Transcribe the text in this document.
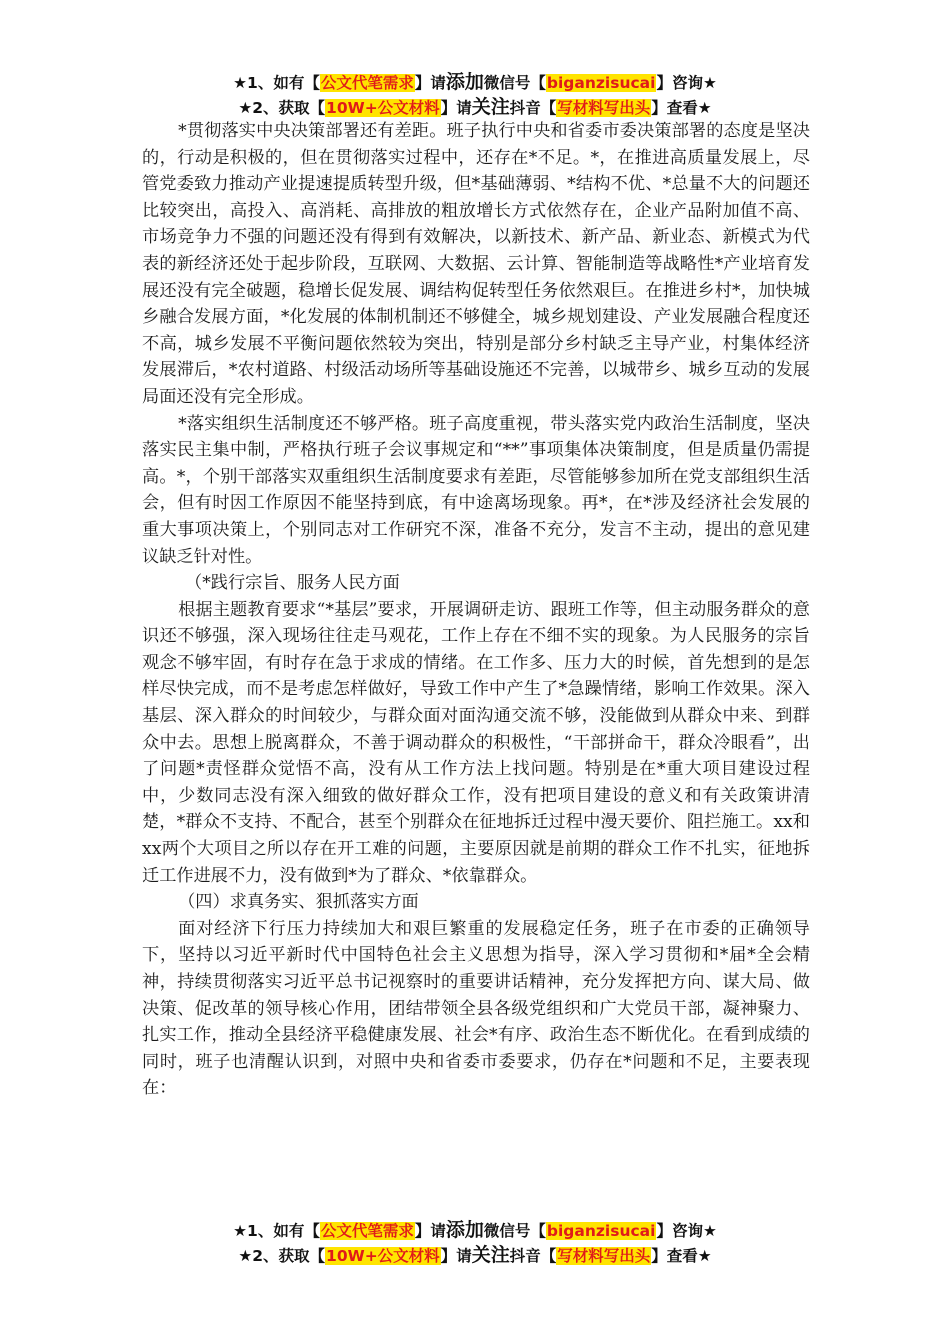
★1、如有【公文代笔需求】请添加微信号【biganzisucai】咨询★
★2、获取【10W+公文材料】请关注抖音【写材料写出头】查看★

*贯彻落实中央决策部署还有差距。班子执行中央和省委市委决策部署的态度是坚决的，行动是积极的，但在贯彻落实过程中，还存在*不足。*，在推进高质量发展上，尽管党委致力推动产业提速提质转型升级，但*基础薄弱、*结构不优、*总量不大的问题还比较突出，高投入、高消耗、高排放的粗放增长方式依然存在，企业产品附加值不高、市场竞争力不强的问题还没有得到有效解决，以新技术、新产品、新业态、新模式为代表的新经济还处于起步阶段，互联网、大数据、云计算、智能制造等战略性*产业培育发展还没有完全破题，稳增长促发展、调结构促转型任务依然艰巨。在推进乡村*，加快城乡融合发展方面，*化发展的体制机制还不够健全，城乡规划建设、产业发展融合程度还不高，城乡发展不平衡问题依然较为突出，特别是部分乡村缺乏主导产业，村集体经济发展滞后，*农村道路、村级活动场所等基础设施还不完善，以城带乡、城乡互动的发展局面还没有完全形成。

*落实组织生活制度还不够严格。班子高度重视，带头落实党内政治生活制度，坚决落实民主集中制，严格执行班子会议事规定和“**”事项集体决策制度，但是质量仍需提高。*，个别干部落实双重组织生活制度要求有差距，尽管能够参加所在党支部组织生活会，但有时因工作原因不能坚持到底，有中途离场现象。再*，在*涉及经济社会发展的重大事项决策上，个别同志对工作研究不深，准备不充分，发言不主动，提出的意见建议缺乏针对性。

（*践行宗旨、服务人民方面

根据主题教育要求“*基层”要求，开展调研走访、跟班工作等，但主动服务群众的意识还不够强，深入现场往往走马观花，工作上存在不细不实的现象。为人民服务的宗旨观念不够牢固，有时存在急于求成的情绪。在工作多、压力大的时候，首先想到的是怎样尽快完成，而不是考虑怎样做好，导致工作中产生了*急躁情绪，影响工作效果。深入基层、深入群众的时间较少，与群众面对面沟通交流不够，没能做到从群众中来、到群众中去。思想上脱离群众，不善于调动群众的积极性，“干部拼命干，群众冷眼看”，出了问题*责怪群众觉悟不高，没有从工作方法上找问题。特别是在*重大项目建设过程中，少数同志没有深入细致的做好群众工作，没有把项目建设的意义和有关政策讲清楚，*群众不支持、不配合，甚至个别群众在征地拆迁过程中漫天要价、阻拦施工。xx和xx两个大项目之所以存在开工难的问题，主要原因就是前期的群众工作不扎实，征地拆迁工作进展不力，没有做到*为了群众、*依靠群众。

（四）求真务实、狠抓落实方面

面对经济下行压力持续加大和艰巨繁重的发展稳定任务，班子在市委的正确领导下，坚持以习近平新时代中国特色社会主义思想为指导，深入学习贯彻和*届*全会精神，持续贯彻落实习近平总书记视察时的重要讲话精神，充分发挥把方向、谋大局、做决策、促改革的领导核心作用，团结带领全县各级党组织和广大党员干部，凝神聚力、扎实工作，推动全县经济平稳健康发展、社会*有序、政治生态不断优化。在看到成绩的同时，班子也清醒认识到，对照中央和省委市委要求，仍存在*问题和不足，主要表现在：

★1、如有【公文代笔需求】请添加微信号【biganzisucai】咨询★
★2、获取【10W+公文材料】请关注抖音【写材料写出头】查看★
